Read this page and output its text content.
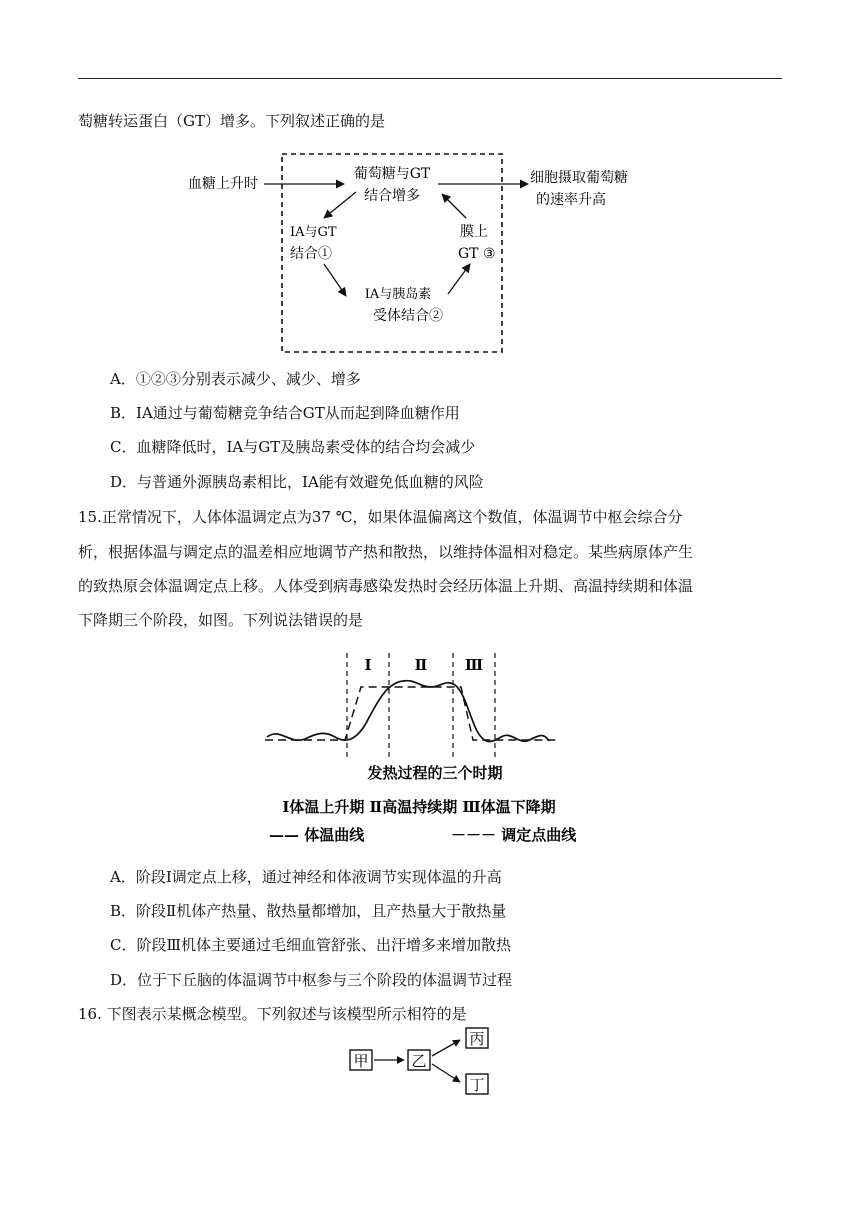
萄糖转运蛋白（GT）增多。下列叙述正确的是
血糖上升时
葡萄糖与GT
结合增多
细胞摄取葡萄糖
的速率升高
IA与GT
结合①
IA与胰岛素
受体结合②
膜上
GT ③
A．①②③分别表示减少、减少、增多
B．IA通过与葡萄糖竞争结合GT从而起到降血糖作用
C．血糖降低时，IA与GT及胰岛素受体的结合均会减少
D．与普通外源胰岛素相比，IA能有效避免低血糖的风险
15.正常情况下，人体体温调定点为37 ℃，如果体温偏离这个数值，体温调节中枢会综合分
析，根据体温与调定点的温差相应地调节产热和散热，以维持体温相对稳定。某些病原体产生
的致热原会体温调定点上移。人体受到病毒感染发热时会经历体温上升期、高温持续期和体温
下降期三个阶段，如图。下列说法错误的是
Ⅰ	Ⅱ	Ⅲ
发热过程的三个时期
Ⅰ体温上升期 Ⅱ高温持续期 Ⅲ体温下降期
—— 体温曲线	－－－ 调定点曲线
A．阶段Ⅰ调定点上移，通过神经和体液调节实现体温的升高
B．阶段Ⅱ机体产热量、散热量都增加，且产热量大于散热量
C．阶段Ⅲ机体主要通过毛细血管舒张、出汗增多来增加散热
D．位于下丘脑的体温调节中枢参与三个阶段的体温调节过程
16. 下图表示某概念模型。下列叙述与该模型所示相符的是
甲	乙
丙
丁
